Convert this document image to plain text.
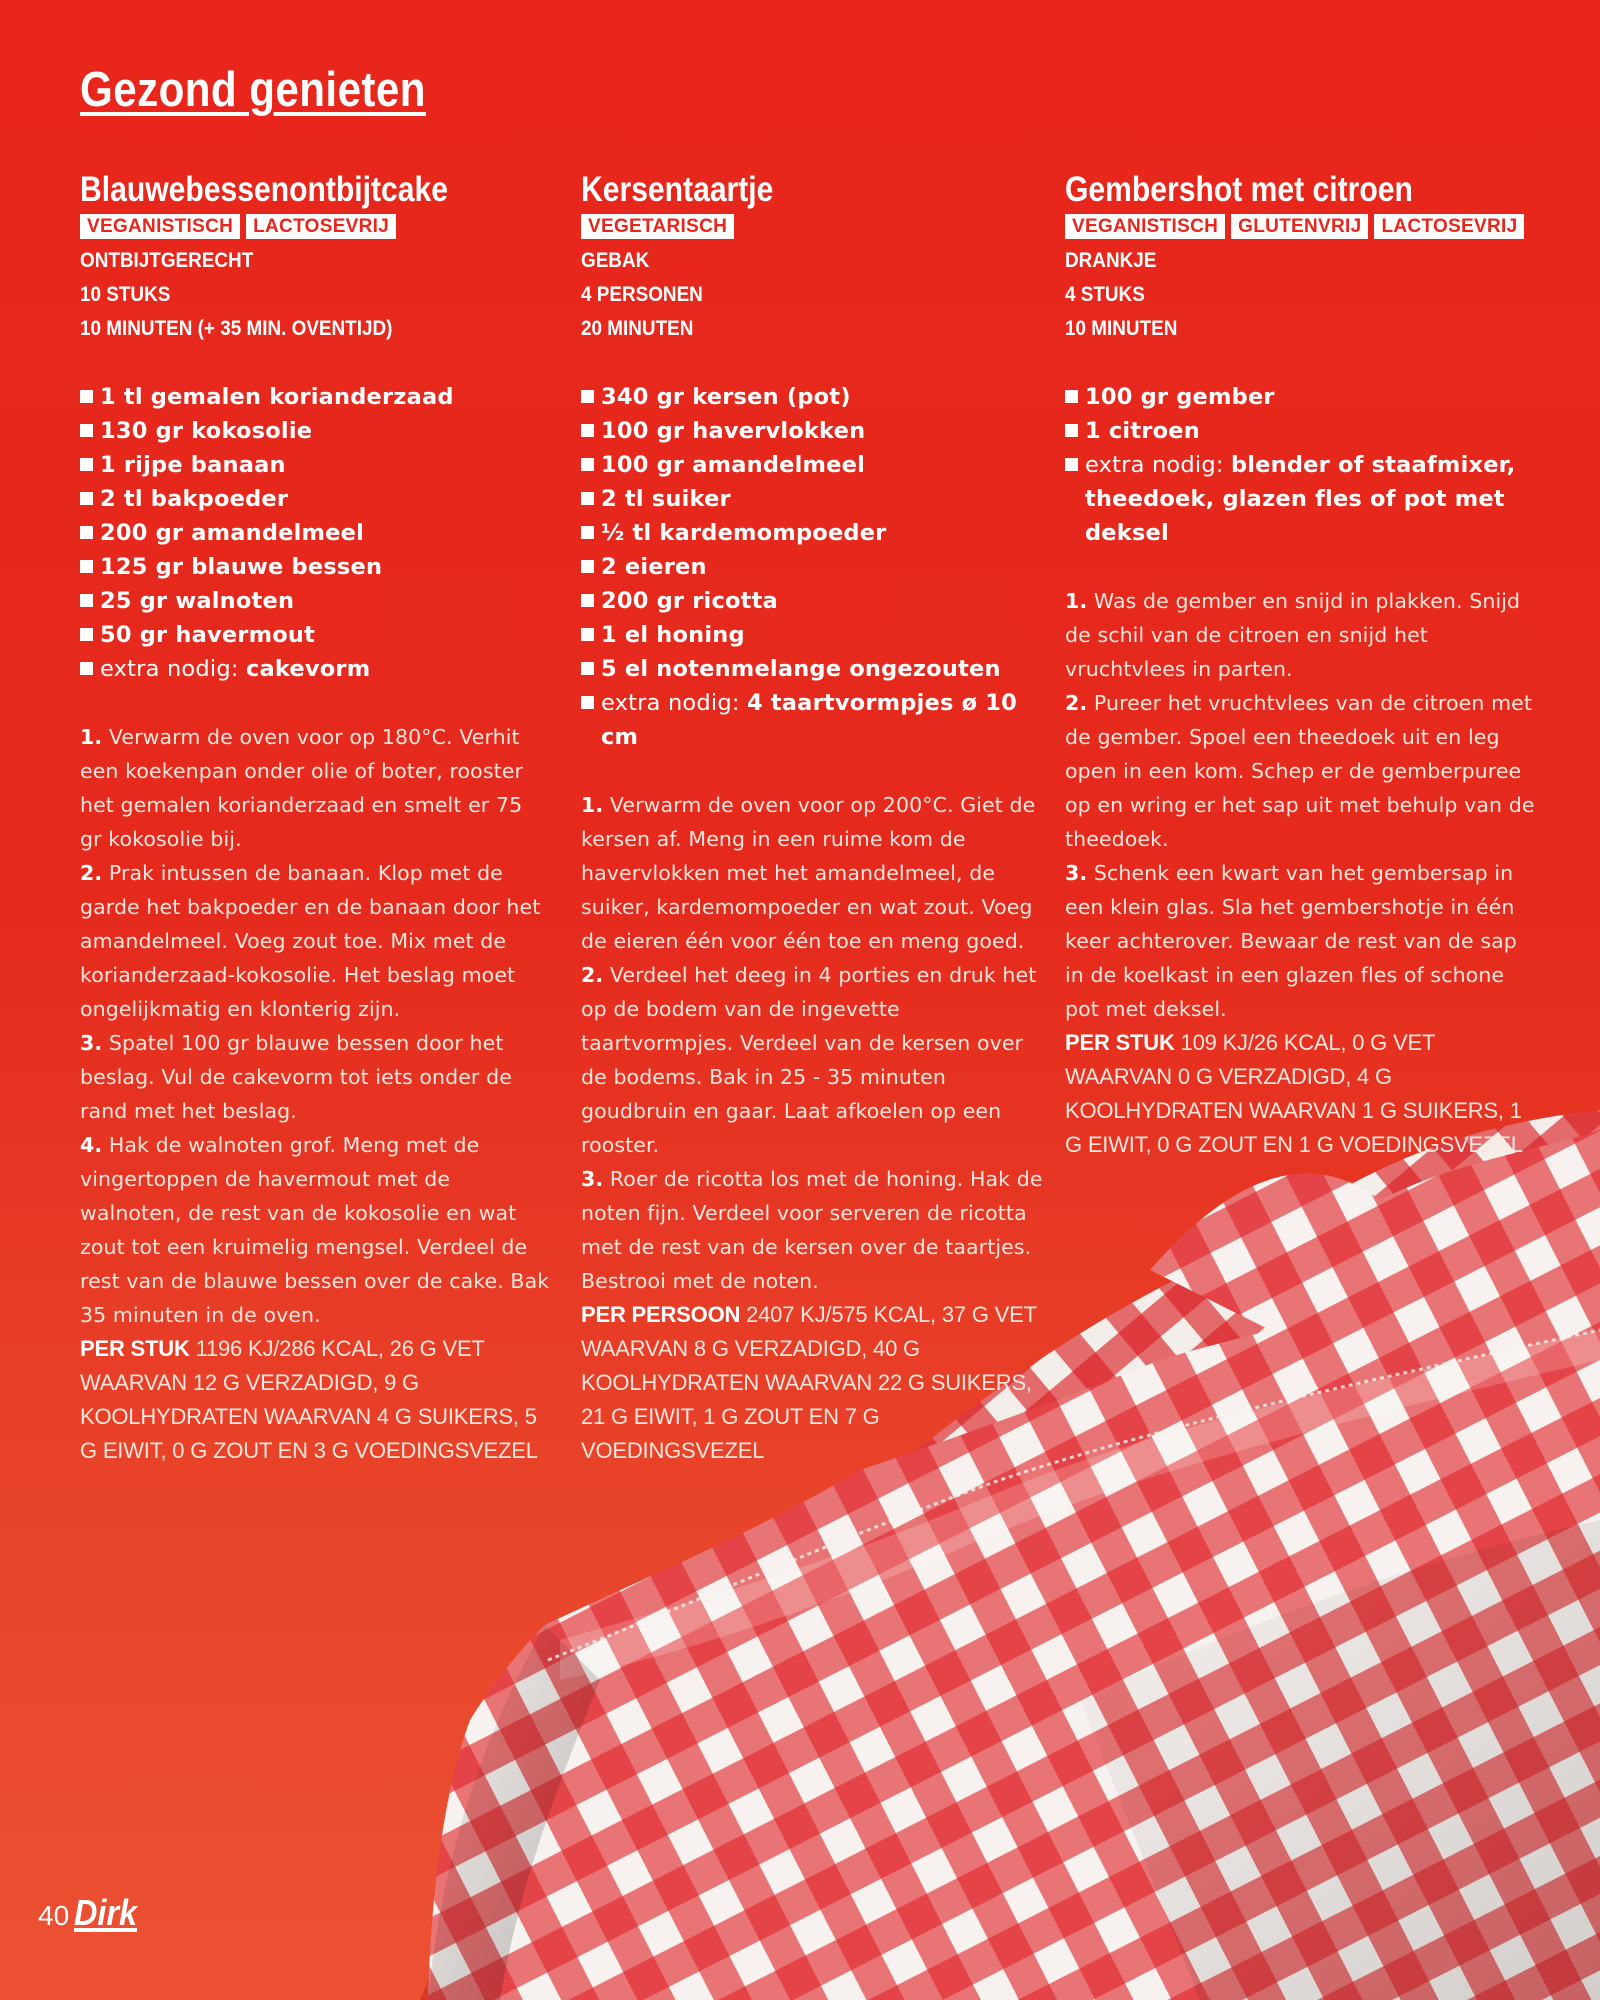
Gezond genieten
Blauwebessenontbijtcake
VEGANISTISCH LACTOSEVRIJ
ONTBIJTGERECHT
10 STUKS
10 MINUTEN (+ 35 MIN. OVENTIJD)
1 tl gemalen korianderzaad
130 gr kokosolie
1 rijpe banaan
2 tl bakpoeder
200 gr amandelmeel
125 gr blauwe bessen
25 gr walnoten
50 gr havermout
extra nodig: cakevorm
1. Verwarm de oven voor op 180°C. Verhit een koekenpan onder olie of boter, rooster het gemalen korianderzaad en smelt er 75 gr kokosolie bij.
2. Prak intussen de banaan. Klop met de garde het bakpoeder en de banaan door het amandelmeel. Voeg zout toe. Mix met de korianderzaad-kokosolie. Het beslag moet ongelijkmatig en klonterig zijn.
3. Spatel 100 gr blauwe bessen door het beslag. Vul de cakevorm tot iets onder de rand met het beslag.
4. Hak de walnoten grof. Meng met de vingertoppen de havermout met de walnoten, de rest van de kokosolie en wat zout tot een kruimelig mengsel. Verdeel de rest van de blauwe bessen over de cake. Bak 35 minuten in de oven.
PER STUK 1196 KJ/286 KCAL, 26 G VET WAARVAN 12 G VERZADIGD, 9 G KOOLHYDRATEN WAARVAN 4 G SUIKERS, 5 G EIWIT, 0 G ZOUT EN 3 G VOEDINGSVEZEL
Kersentaartje
VEGETARISCH
GEBAK
4 PERSONEN
20 MINUTEN
340 gr kersen (pot)
100 gr havervlokken
100 gr amandelmeel
2 tl suiker
½ tl kardemompoeder
2 eieren
200 gr ricotta
1 el honing
5 el notenmelange ongezouten
extra nodig: 4 taartvormpjes ø 10 cm
1. Verwarm de oven voor op 200°C. Giet de kersen af. Meng in een ruime kom de havervlokken met het amandelmeel, de suiker, kardemompoeder en wat zout. Voeg de eieren één voor één toe en meng goed.
2. Verdeel het deeg in 4 porties en druk het op de bodem van de ingevette taartvormpjes. Verdeel van de kersen over de bodems. Bak in 25 - 35 minuten goudbruin en gaar. Laat afkoelen op een rooster.
3. Roer de ricotta los met de honing. Hak de noten fijn. Verdeel voor serveren de ricotta met de rest van de kersen over de taartjes. Bestrooi met de noten.
PER PERSOON 2407 KJ/575 KCAL, 37 G VET WAARVAN 8 G VERZADIGD, 40 G KOOLHYDRATEN WAARVAN 22 G SUIKERS, 21 G EIWIT, 1 G ZOUT EN 7 G VOEDINGSVEZEL
Gembershot met citroen
VEGANISTISCH GLUTENVRIJ LACTOSEVRIJ
DRANKJE
4 STUKS
10 MINUTEN
100 gr gember
1 citroen
extra nodig: blender of staafmixer, theedoek, glazen fles of pot met deksel
1. Was de gember en snijd in plakken. Snijd de schil van de citroen en snijd het vruchtvlees in parten.
2. Pureer het vruchtvlees van de citroen met de gember. Spoel een theedoek uit en leg open in een kom. Schep er de gemberpuree op en wring er het sap uit met behulp van de theedoek.
3. Schenk een kwart van het gembersap in een klein glas. Sla het gembershotje in één keer achterover. Bewaar de rest van de sap in de koelkast in een glazen fles of schone pot met deksel.
PER STUK 109 KJ/26 KCAL, 0 G VET WAARVAN 0 G VERZADIGD, 4 G KOOLHYDRATEN WAARVAN 1 G SUIKERS, 1 G EIWIT, 0 G ZOUT EN 1 G VOEDINGSVEZEL
40 Dirk
